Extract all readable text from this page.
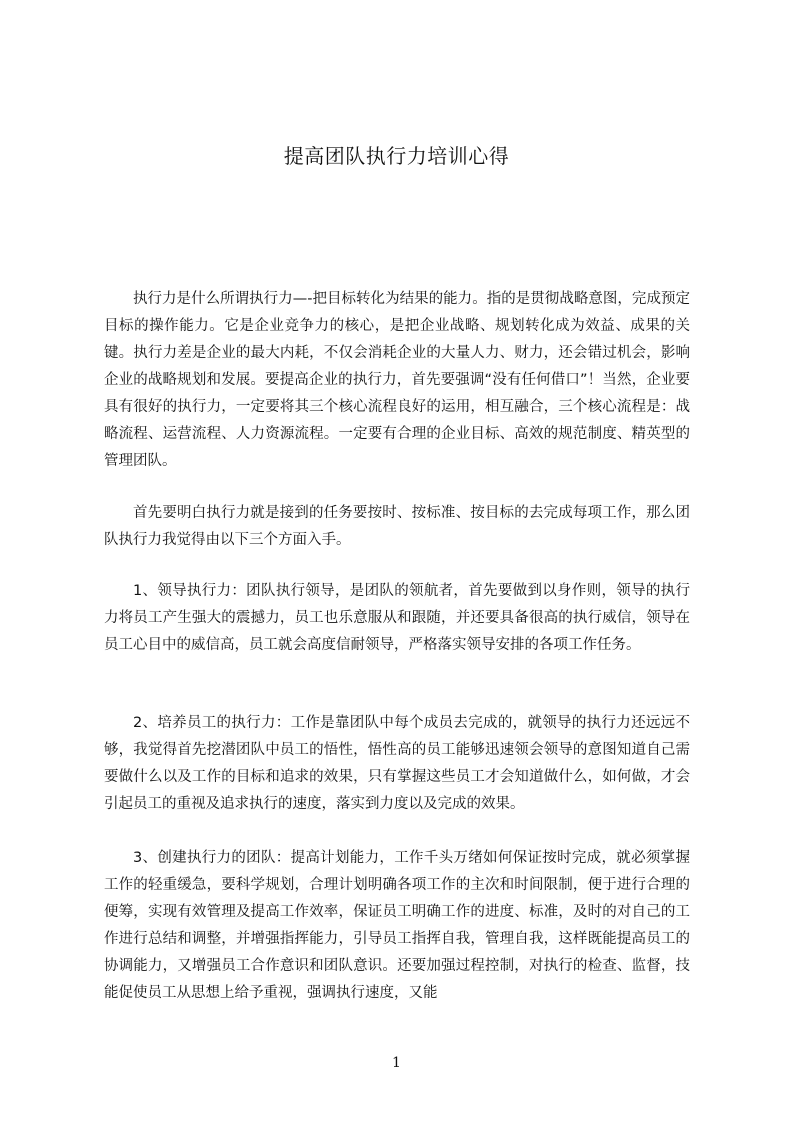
提高团队执行力培训心得

执行力是什么所谓执行力—-把目标转化为结果的能力。指的是贯彻战略意图，完成预定目标的操作能力。它是企业竞争力的核心，是把企业战略、规划转化成为效益、成果的关键。执行力差是企业的最大内耗，不仅会消耗企业的大量人力、财力，还会错过机会，影响企业的战略规划和发展。要提高企业的执行力，首先要强调“没有任何借口”！当然，企业要具有很好的执行力，一定要将其三个核心流程良好的运用，相互融合，三个核心流程是：战略流程、运营流程、人力资源流程。一定要有合理的企业目标、高效的规范制度、精英型的管理团队。

首先要明白执行力就是接到的任务要按时、按标准、按目标的去完成每项工作，那么团队执行力我觉得由以下三个方面入手。

1、领导执行力：团队执行领导，是团队的领航者，首先要做到以身作则，领导的执行力将员工产生强大的震撼力，员工也乐意服从和跟随，并还要具备很高的执行威信，领导在员工心目中的威信高，员工就会高度信耐领导，严格落实领导安排的各项工作任务。

2、培养员工的执行力：工作是靠团队中每个成员去完成的，就领导的执行力还远远不够，我觉得首先挖潜团队中员工的悟性，悟性高的员工能够迅速领会领导的意图知道自己需要做什么以及工作的目标和追求的效果，只有掌握这些员工才会知道做什么，如何做，才会引起员工的重视及追求执行的速度，落实到力度以及完成的效果。

3、创建执行力的团队：提高计划能力，工作千头万绪如何保证按时完成，就必须掌握工作的轻重缓急，要科学规划，合理计划明确各项工作的主次和时间限制，便于进行合理的便筹，实现有效管理及提高工作效率，保证员工明确工作的进度、标准，及时的对自己的工作进行总结和调整，并增强指挥能力，引导员工指挥自我，管理自我，这样既能提高员工的协调能力，又增强员工合作意识和团队意识。还要加强过程控制，对执行的检查、监督，技能促使员工从思想上给予重视，强调执行速度，又能

1
